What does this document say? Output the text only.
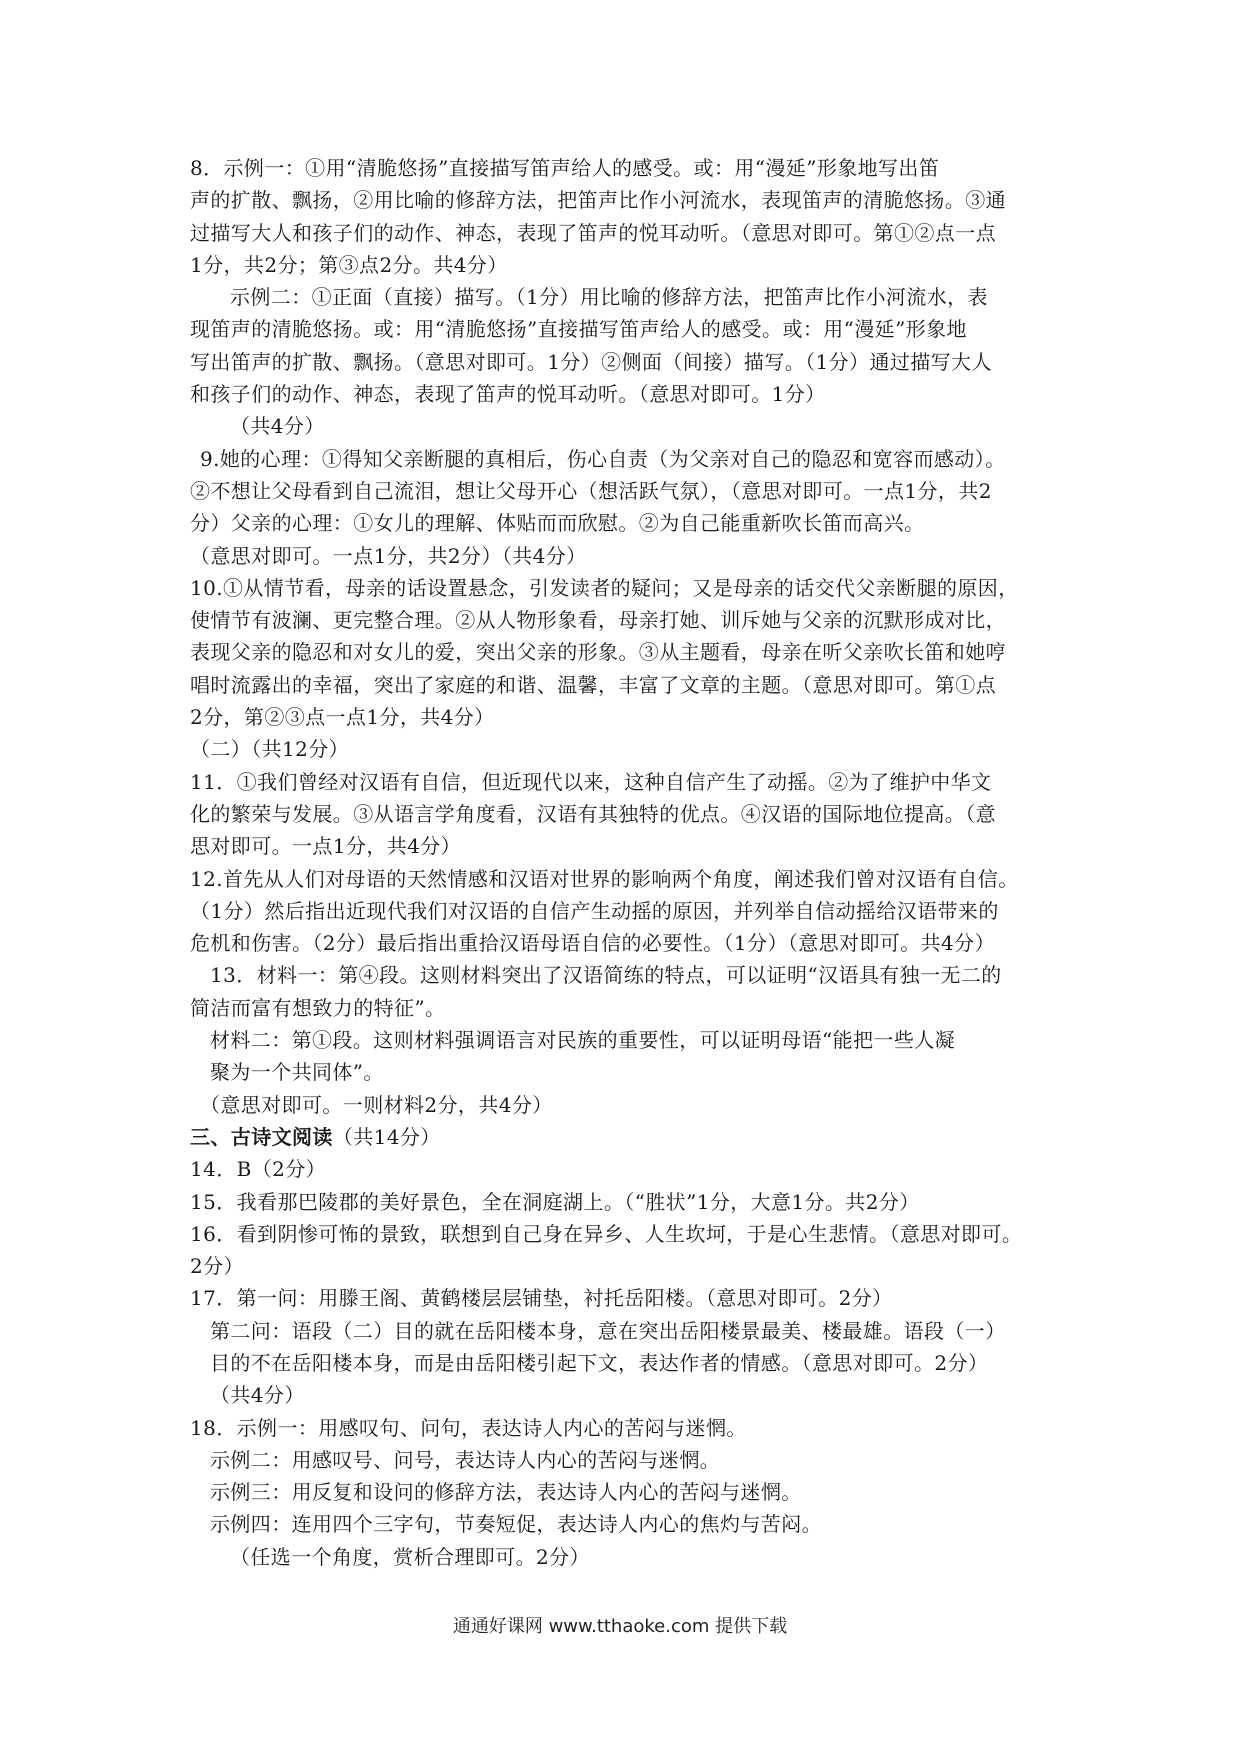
8．示例一：①用“清脆悠扬”直接描写笛声给人的感受。或：用“漫延”形象地写出笛
声的扩散、飘扬，②用比喻的修辞方法，把笛声比作小河流水，表现笛声的清脆悠扬。③通
过描写大人和孩子们的动作、神态，表现了笛声的悦耳动听。（意思对即可。第①②点一点
1分，共2分；第③点2分。共4分）
示例二：①正面（直接）描写。（1分）用比喻的修辞方法，把笛声比作小河流水，表
现笛声的清脆悠扬。或：用“清脆悠扬”直接描写笛声给人的感受。或：用“漫延”形象地
写出笛声的扩散、飘扬。（意思对即可。1分）②侧面（间接）描写。（1分）通过描写大人
和孩子们的动作、神态，表现了笛声的悦耳动听。（意思对即可。1分）
（共4分）
9.她的心理：①得知父亲断腿的真相后，伤心自责（为父亲对自己的隐忍和宽容而感动）。
②不想让父母看到自己流泪，想让父母开心（想活跃气氛），（意思对即可。一点1分，共2
分）父亲的心理：①女儿的理解、体贴而而欣慰。②为自己能重新吹长笛而高兴。
（意思对即可。一点1分，共2分）（共4分）
10.①从情节看，母亲的话设置悬念，引发读者的疑问；又是母亲的话交代父亲断腿的原因，
使情节有波澜、更完整合理。②从人物形象看，母亲打她、训斥她与父亲的沉默形成对比，
表现父亲的隐忍和对女儿的爱，突出父亲的形象。③从主题看，母亲在听父亲吹长笛和她哼
唱时流露出的幸福，突出了家庭的和谐、温馨，丰富了文章的主题。（意思对即可。第①点
2分，第②③点一点1分，共4分）
（二）（共12分）
11．①我们曾经对汉语有自信，但近现代以来，这种自信产生了动摇。②为了维护中华文
化的繁荣与发展。③从语言学角度看，汉语有其独特的优点。④汉语的国际地位提高。（意
思对即可。一点1分，共4分）
12.首先从人们对母语的天然情感和汉语对世界的影响两个角度，阐述我们曾对汉语有自信。
（1分）然后指出近现代我们对汉语的自信产生动摇的原因，并列举自信动摇给汉语带来的
危机和伤害。（2分）最后指出重拾汉语母语自信的必要性。（1分）（意思对即可。共4分）
13．材料一：第④段。这则材料突出了汉语简练的特点，可以证明“汉语具有独一无二的
简洁而富有想致力的特征”。
材料二：第①段。这则材料强调语言对民族的重要性，可以证明母语“能把一些人凝
聚为一个共同体”。
（意思对即可。一则材料2分，共4分）
三、古诗文阅读（共14分）
14．B（2分）
15．我看那巴陵郡的美好景色，全在洞庭湖上。（“胜状”1分，大意1分。共2分）
16．看到阴惨可怖的景致，联想到自己身在异乡、人生坎坷，于是心生悲情。（意思对即可。
2分）
17．第一问：用滕王阁、黄鹤楼层层铺垫，衬托岳阳楼。（意思对即可。2分）
第二问：语段（二）目的就在岳阳楼本身，意在突出岳阳楼景最美、楼最雄。语段（一）
目的不在岳阳楼本身，而是由岳阳楼引起下文，表达作者的情感。（意思对即可。2分）
（共4分）
18．示例一：用感叹句、问句，表达诗人内心的苦闷与迷惘。
示例二：用感叹号、问号，表达诗人内心的苦闷与迷惘。
示例三：用反复和设问的修辞方法，表达诗人内心的苦闷与迷惘。
示例四：连用四个三字句，节奏短促，表达诗人内心的焦灼与苦闷。
（任选一个角度，赏析合理即可。2分）
通通好课网 www.tthaoke.com 提供下载
